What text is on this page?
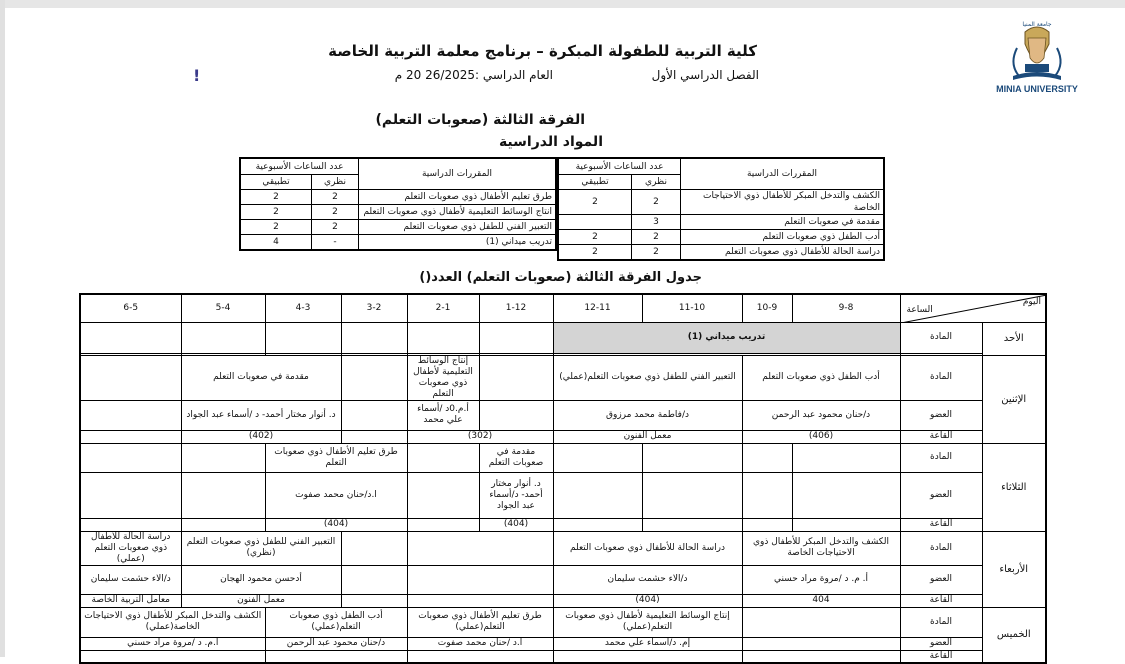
جامعة المنيا
MINIA UNIVERSITY
كلية التربية للطفولة المبكرة – برنامج معلمة التربية الخاصة
الفصل الدراسي الأول
العام الدراسي :26/2025 20 م
!
الفرقة الثالثة (صعوبات التعلم)
المواد الدراسية
المقررات الدراسية	عدد الساعات الأسبوعية	
	نظري	تطبيقي
الكشف والتدخل المبكر للأطفال ذوي الاحتياجات الخاصة	2	2
مقدمة في صعوبات التعلم	3	
أدب الطفل ذوي صعوبات التعلم	2	2
دراسة الحالة للأطفال ذوي صعوبات التعلم	2	2
المقررات الدراسية	عدد الساعات الأسبوعية	
	نظري	تطبيقي
طرق تعليم الأطفال ذوي صعوبات التعلم	2	2
انتاج الوسائط التعليمية لأطفال ذوي صعوبات التعلم	2	2
التعبير الفني للطفل ذوي صعوبات التعلم	2	2
تدريب ميداني (1)	-	4
جدول الفرقة الثالثة (صعوبات التعلم) العدد()
اليوم
الساعة		9-8	10-9	11-10	12-11	1-12	2-1	3-2	4-3	5-4	6-5
الأحد	المادة	تدريب ميداني (1)									

الإثنين	المادة	أدب الطفل ذوي صعوبات التعلم		التعبير الفني للطفل ذوي صعوبات التعلم(عملي)			إنتاج الوسائط التعليمية لأطفال ذوي صعوبات التعلم		مقدمة في صعوبات التعلم		
	العضو	د/حنان محمود عبد الرحمن		د/فاطمة محمد مرزوق			أ.م.0د /أسماء علي محمد		د. أنوار مختار أحمد- د /أسماء عبد الجواد		
	القاعة	(406)		معمل الفنون		(302)			(402)		
الثلاثاء	المادة					مقدمة في صعوبات التعلم		طرق تعليم الأطفال ذوي صعوبات التعلم			
	العضو					د. أنوار مختار أحمد- د/أسماء عبد الجواد		ا.د/حنان محمد صفوت			
	القاعة					(404)		(404)			
الأربعاء	المادة	الكشف والتدخل المبكر للأطفال ذوي الاحتياجات الخاصة		دراسة الحالة للأطفال ذوي صعوبات التعلم					التعبير الفني للطفل ذوي صعوبات التعلم (نظري)		دراسة الحالة للأطفال ذوي صعوبات التعلم (عملي)
	العضو	أ. م. د /مروة مراد حسني		د/الاء حشمت سليمان					أدحسن محمود الهجان		د/الاء حشمت سليمان
	القاعة	404		(404)					معمل الفنون		معامل التربية الخاصة
الخميس	المادة			إنتاج الوسائط التعليمية لأطفال ذوي صعوبات التعلم(عملي)		طرق تعليم الأطفال ذوي صعوبات التعلم(عملي)		أدب الطفل ذوي صعوبات التعلم(عملي)		الكشف والتدخل المبكر للأطفال ذوي الاحتياجات الخاصة(عملي)	
	العضو			إم. د/أسماء علي محمد		ا.د /حنان محمد صفوت		د/حنان محمود عبد الرحمن		أ.م. د /مروة مراد حسني	
	القاعة										
